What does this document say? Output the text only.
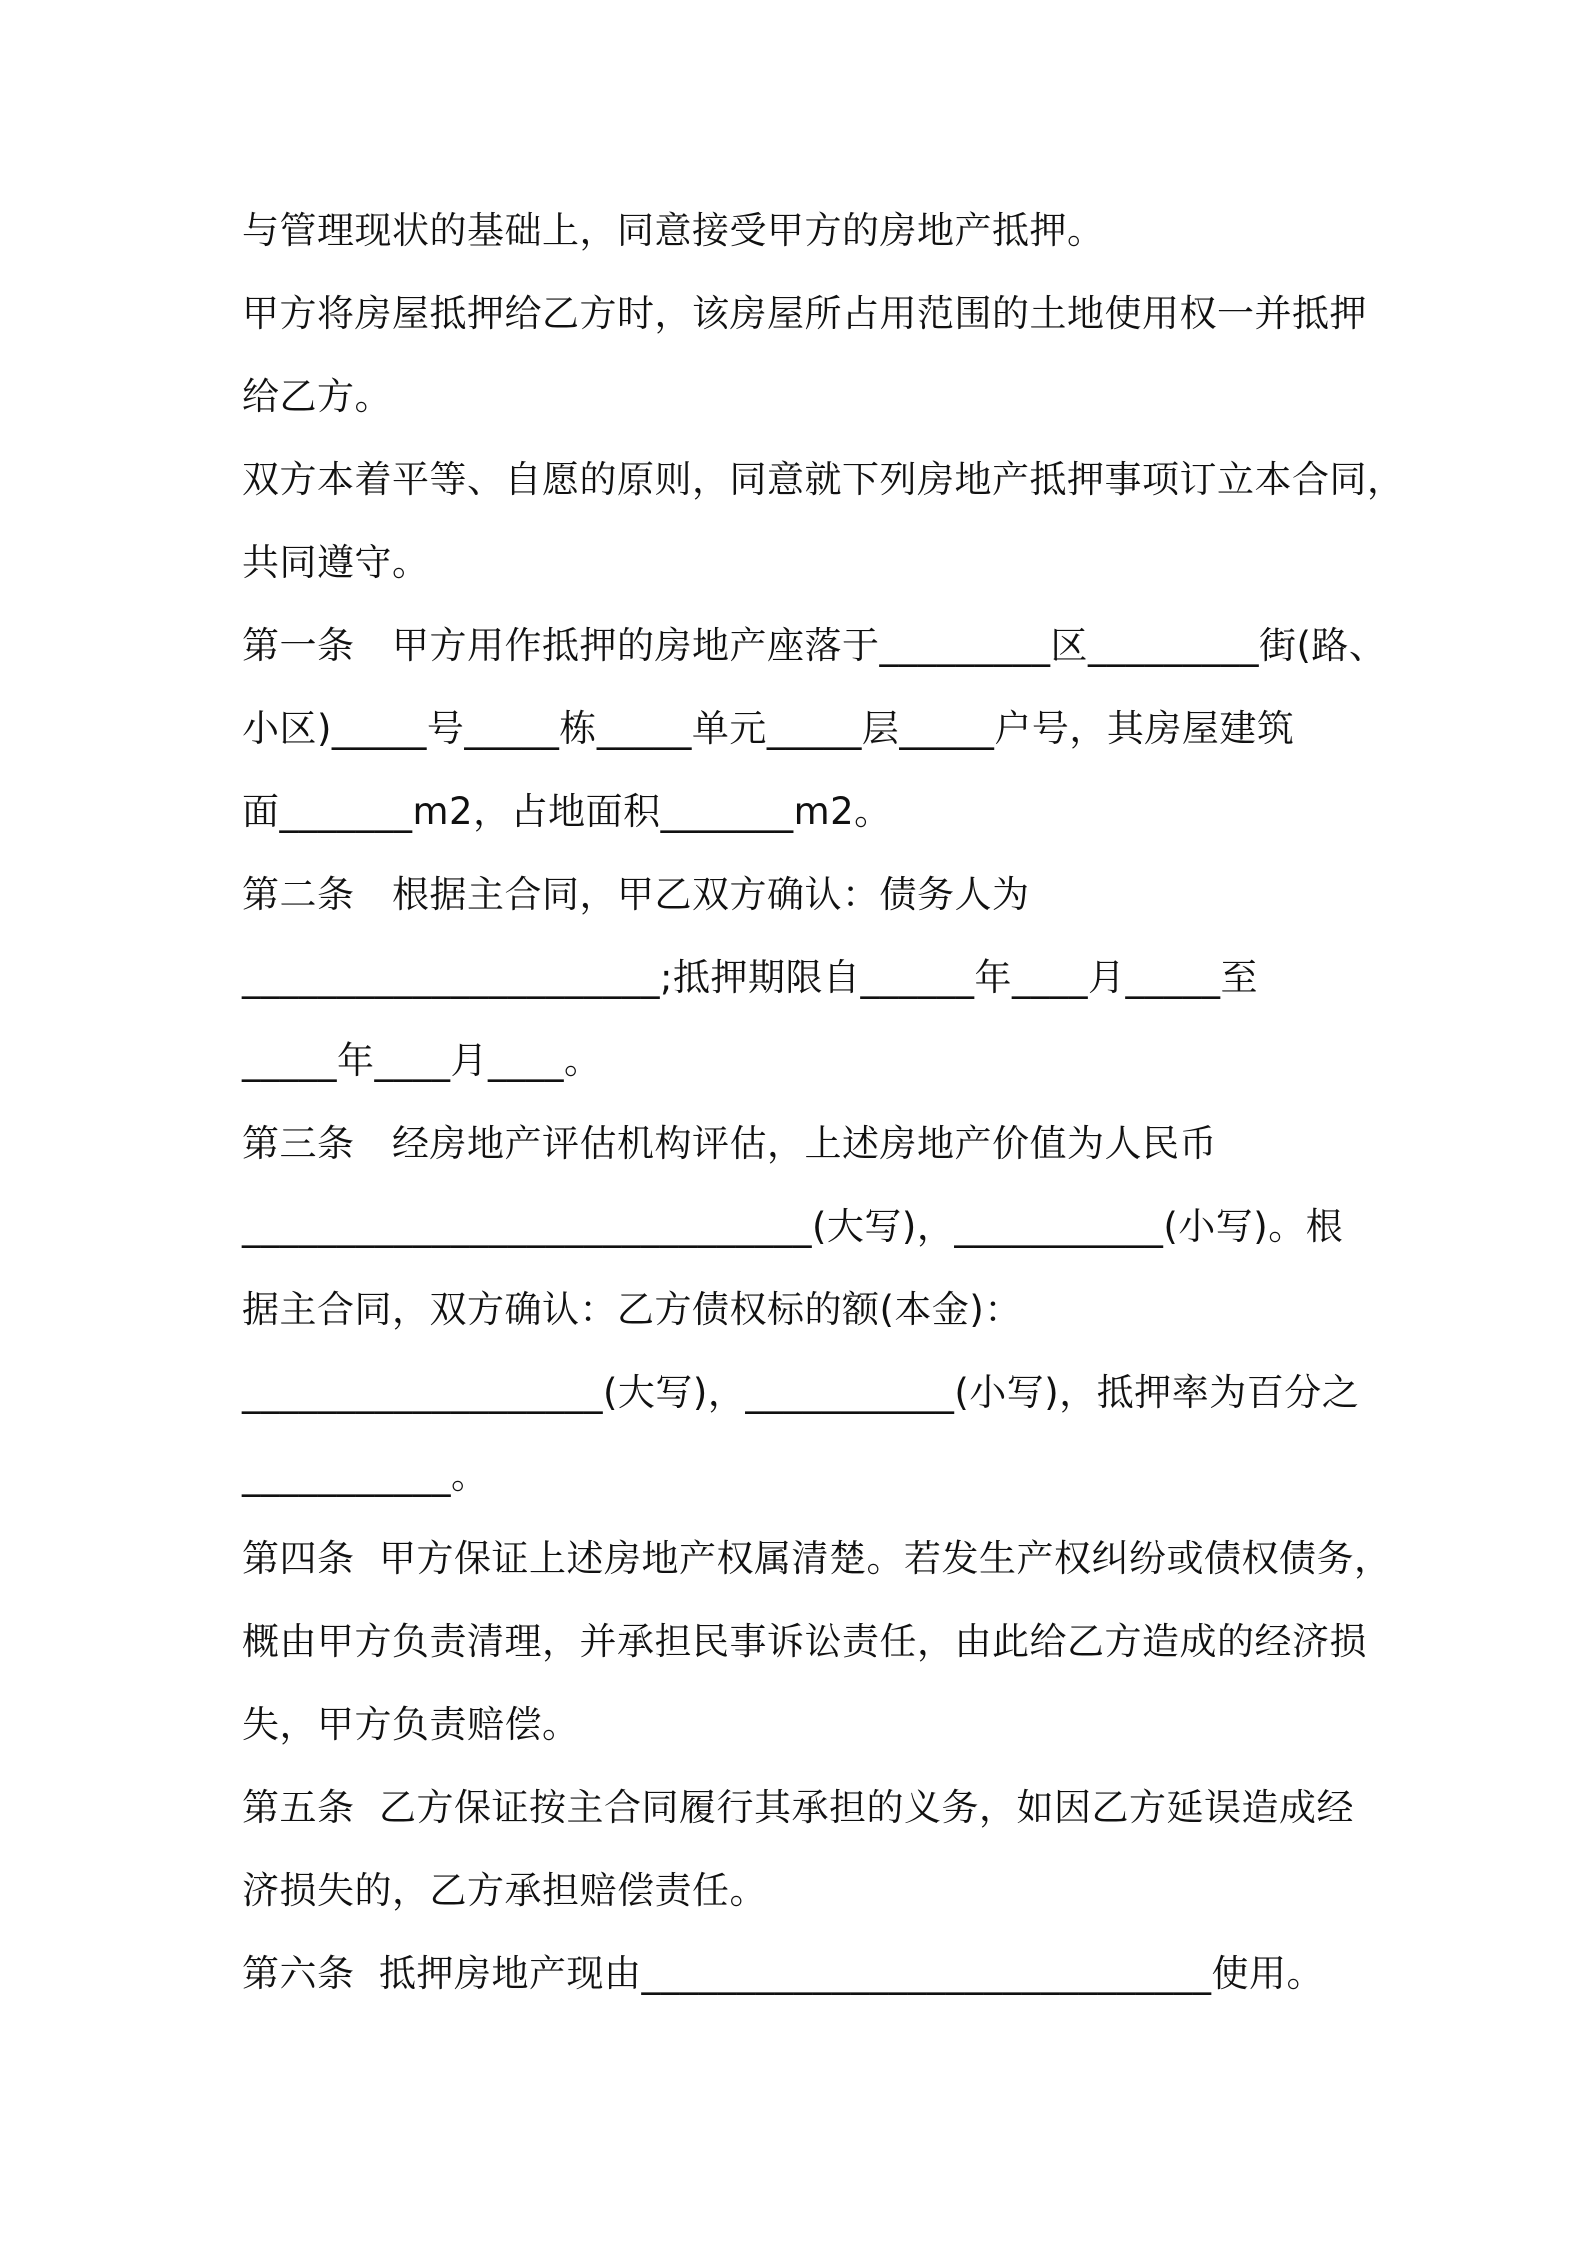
与管理现状的基础上，同意接受甲方的房地产抵押。
甲方将房屋抵押给乙方时，该房屋所占用范围的土地使用权一并抵押
给乙方。
双方本着平等、自愿的原则，同意就下列房地产抵押事项订立本合同，
共同遵守。
第一条　甲方用作抵押的房地产座落于_________区_________街(路、
小区)_____号_____栋_____单元_____层_____户号，其房屋建筑
面_______m2，占地面积_______m2。
第二条　根据主合同，甲乙双方确认：债务人为
______________________;抵押期限自______年____月_____至
_____年____月____。
第三条　经房地产评估机构评估，上述房地产价值为人民币
______________________________(大写)，___________(小写)。根
据主合同，双方确认：乙方债权标的额(本金)：
___________________(大写)，___________(小写)，抵押率为百分之
___________。
第四条  甲方保证上述房地产权属清楚。若发生产权纠纷或债权债务，
概由甲方负责清理，并承担民事诉讼责任，由此给乙方造成的经济损
失，甲方负责赔偿。
第五条  乙方保证按主合同履行其承担的义务，如因乙方延误造成经
济损失的，乙方承担赔偿责任。
第六条  抵押房地产现由______________________________使用。
